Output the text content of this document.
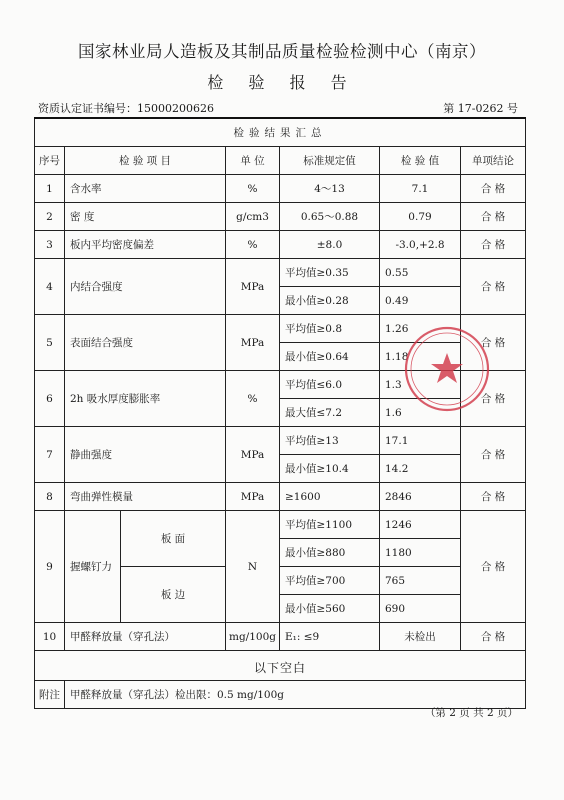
国家林业局人造板及其制品质量检验检测中心（南京）
检 验 报 告
资质认定证书编号：15000200626	第 17-0262 号
检验结果汇总						
序号	检 验 项 目		单 位	标准规定值	检 验 值	单项结论
1	含水率		%	4～13	7.1	合 格
2	密 度		g/cm3	0.65～0.88	0.79	合 格
3	板内平均密度偏差		%	±8.0	-3.0,+2.8	合 格
4	内结合强度		MPa	平均值≥0.35	0.55	合 格
				最小值≥0.28	0.49	
5	表面结合强度		MPa	平均值≥0.8	1.26	合 格
				最小值≥0.64	1.18	
6	2h 吸水厚度膨胀率		%	平均值≤6.0	1.3	合 格
				最大值≤7.2	1.6	
7	静曲强度		MPa	平均值≥13	17.1	合 格
				最小值≥10.4	14.2	
8	弯曲弹性模量		MPa	≥1600	2846	合 格
9	握螺钉力	板 面	N	平均值≥1100	1246	合 格
				最小值≥880	1180	
		板 边		平均值≥700	765	
				最小值≥560	690	
10	甲醛释放量（穿孔法）		mg/100g	E₁: ≤9	未检出	合 格

以下空白						

附注	甲醛释放量（穿孔法）检出限：0.5 mg/100g					
（第 2 页 共 2 页）
